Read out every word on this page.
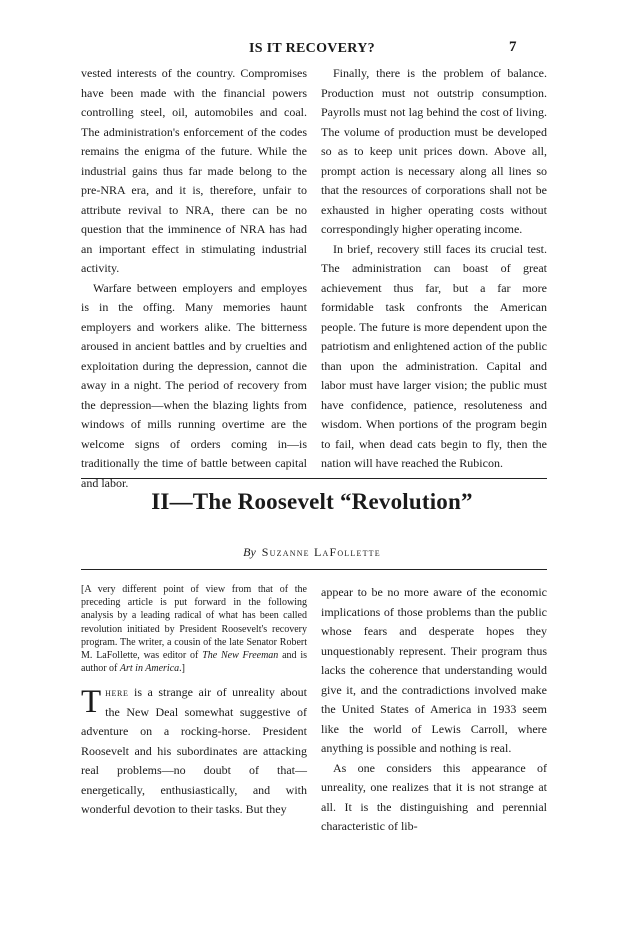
IS IT RECOVERY?	7

vested interests of the country. Compromises have been made with the financial powers controlling steel, oil, automobiles and coal. The administration's enforcement of the codes remains the enigma of the future. While the industrial gains thus far made belong to the pre-NRA era, and it is, therefore, unfair to attribute revival to NRA, there can be no question that the imminence of NRA has had an important effect in stimulating industrial activity.

Warfare between employers and employes is in the offing. Many memories haunt employers and workers alike. The bitterness aroused in ancient battles and by cruelties and exploitation during the depression, cannot die away in a night. The period of recovery from the depression—when the blazing lights from windows of mills running overtime are the welcome signs of orders coming in—is traditionally the time of battle between capital and labor.

Finally, there is the problem of balance. Production must not outstrip consumption. Payrolls must not lag behind the cost of living. The volume of production must be developed so as to keep unit prices down. Above all, prompt action is necessary along all lines so that the resources of corporations shall not be exhausted in higher operating costs without correspondingly higher operating income.

In brief, recovery still faces its crucial test. The administration can boast of great achievement thus far, but a far more formidable task confronts the American people. The future is more dependent upon the patriotism and enlightened action of the public than upon the administration. Capital and labor must have larger vision; the public must have confidence, patience, resoluteness and wisdom. When portions of the program begin to fail, when dead cats begin to fly, then the nation will have reached the Rubicon.

II—The Roosevelt “Revolution”
By Suzanne LaFollette
[A very different point of view from that of the preceding article is put forward in the following analysis by a leading radical of what has been called revolution initiated by President Roosevelt's recovery program. The writer, a cousin of the late Senator Robert M. LaFollette, was editor of The New Freeman and is author of Art in America.]
There is a strange air of unreality about the New Deal somewhat suggestive of adventure on a rocking-horse. President Roosevelt and his subordinates are attacking real problems—no doubt of that—energetically, enthusiastically, and with wonderful devotion to their tasks. But they

appear to be no more aware of the economic implications of those problems than the public whose fears and desperate hopes they unquestionably represent. Their program thus lacks the coherence that understanding would give it, and the contradictions involved make the United States of America in 1933 seem like the world of Lewis Carroll, where anything is possible and nothing is real.

As one considers this appearance of unreality, one realizes that it is not strange at all. It is the distinguishing and perennial characteristic of lib-
